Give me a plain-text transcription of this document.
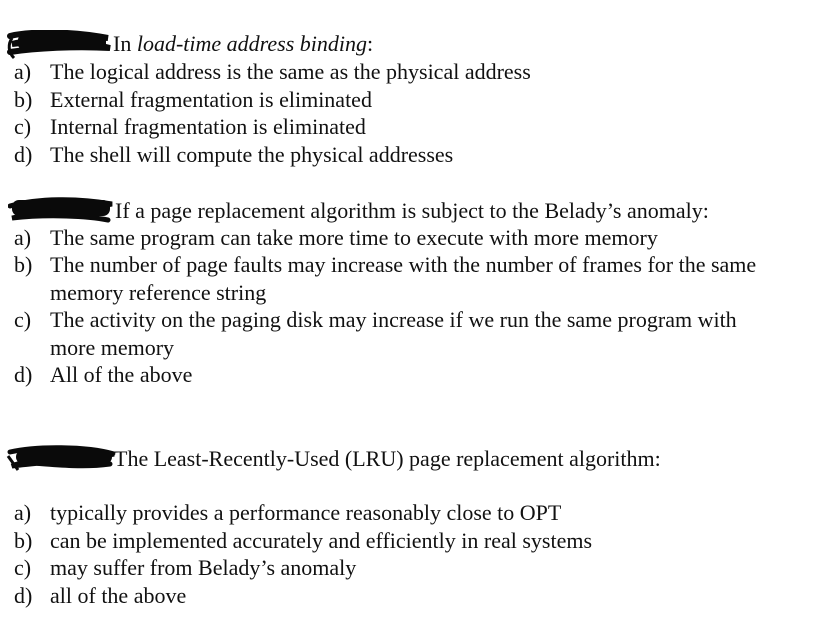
In load-time address binding:
a) The logical address is the same as the physical address
b) External fragmentation is eliminated
c) Internal fragmentation is eliminated
d) The shell will compute the physical addresses
If a page replacement algorithm is subject to the Belady’s anomaly:
a) The same program can take more time to execute with more memory
b) The number of page faults may increase with the number of frames for the same
memory reference string
c) The activity on the paging disk may increase if we run the same program with
more memory
d) All of the above
The Least-Recently-Used (LRU) page replacement algorithm:
a) typically provides a performance reasonably close to OPT
b) can be implemented accurately and efficiently in real systems
c) may suffer from Belady’s anomaly
d) all of the above
